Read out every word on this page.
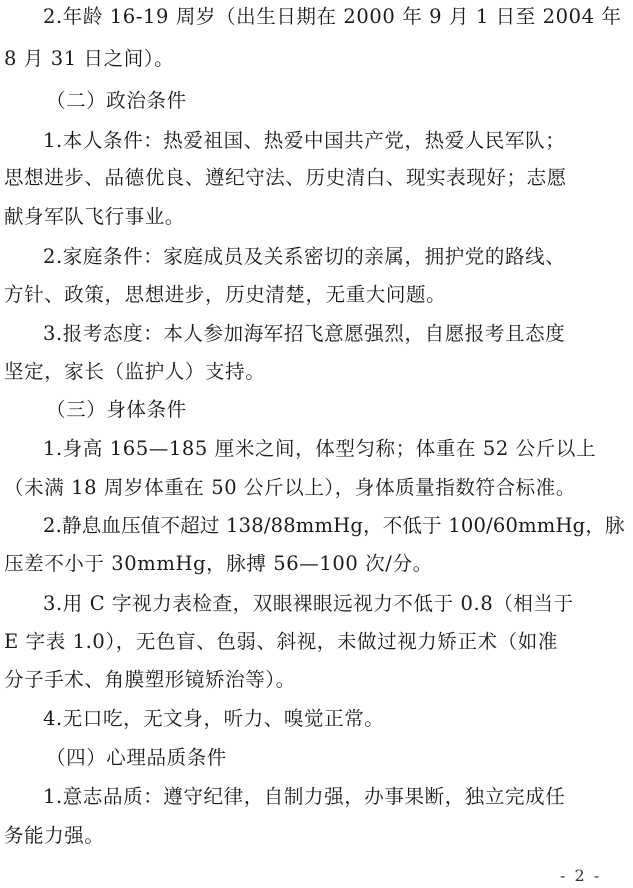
2.年龄 16-19 周岁（出生日期在 2000 年 9 月 1 日至 2004 年
8 月 31 日之间）。
（二）政治条件
1.本人条件：热爱祖国、热爱中国共产党，热爱人民军队；
思想进步、品德优良、遵纪守法、历史清白、现实表现好；志愿
献身军队飞行事业。
2.家庭条件：家庭成员及关系密切的亲属，拥护党的路线、
方针、政策，思想进步，历史清楚，无重大问题。
3.报考态度：本人参加海军招飞意愿强烈，自愿报考且态度
坚定，家长（监护人）支持。
（三）身体条件
1.身高 165—185 厘米之间，体型匀称；体重在 52 公斤以上
（未满 18 周岁体重在 50 公斤以上），身体质量指数符合标准。
2.静息血压值不超过 138/88mmHg，不低于 100/60mmHg，脉
压差不小于 30mmHg，脉搏 56—100 次/分。
3.用 C 字视力表检查，双眼裸眼远视力不低于 0.8（相当于
E 字表 1.0），无色盲、色弱、斜视，未做过视力矫正术（如准
分子手术、角膜塑形镜矫治等）。
4.无口吃，无文身，听力、嗅觉正常。
（四）心理品质条件
1.意志品质：遵守纪律，自制力强，办事果断，独立完成任
务能力强。
- 2 -
